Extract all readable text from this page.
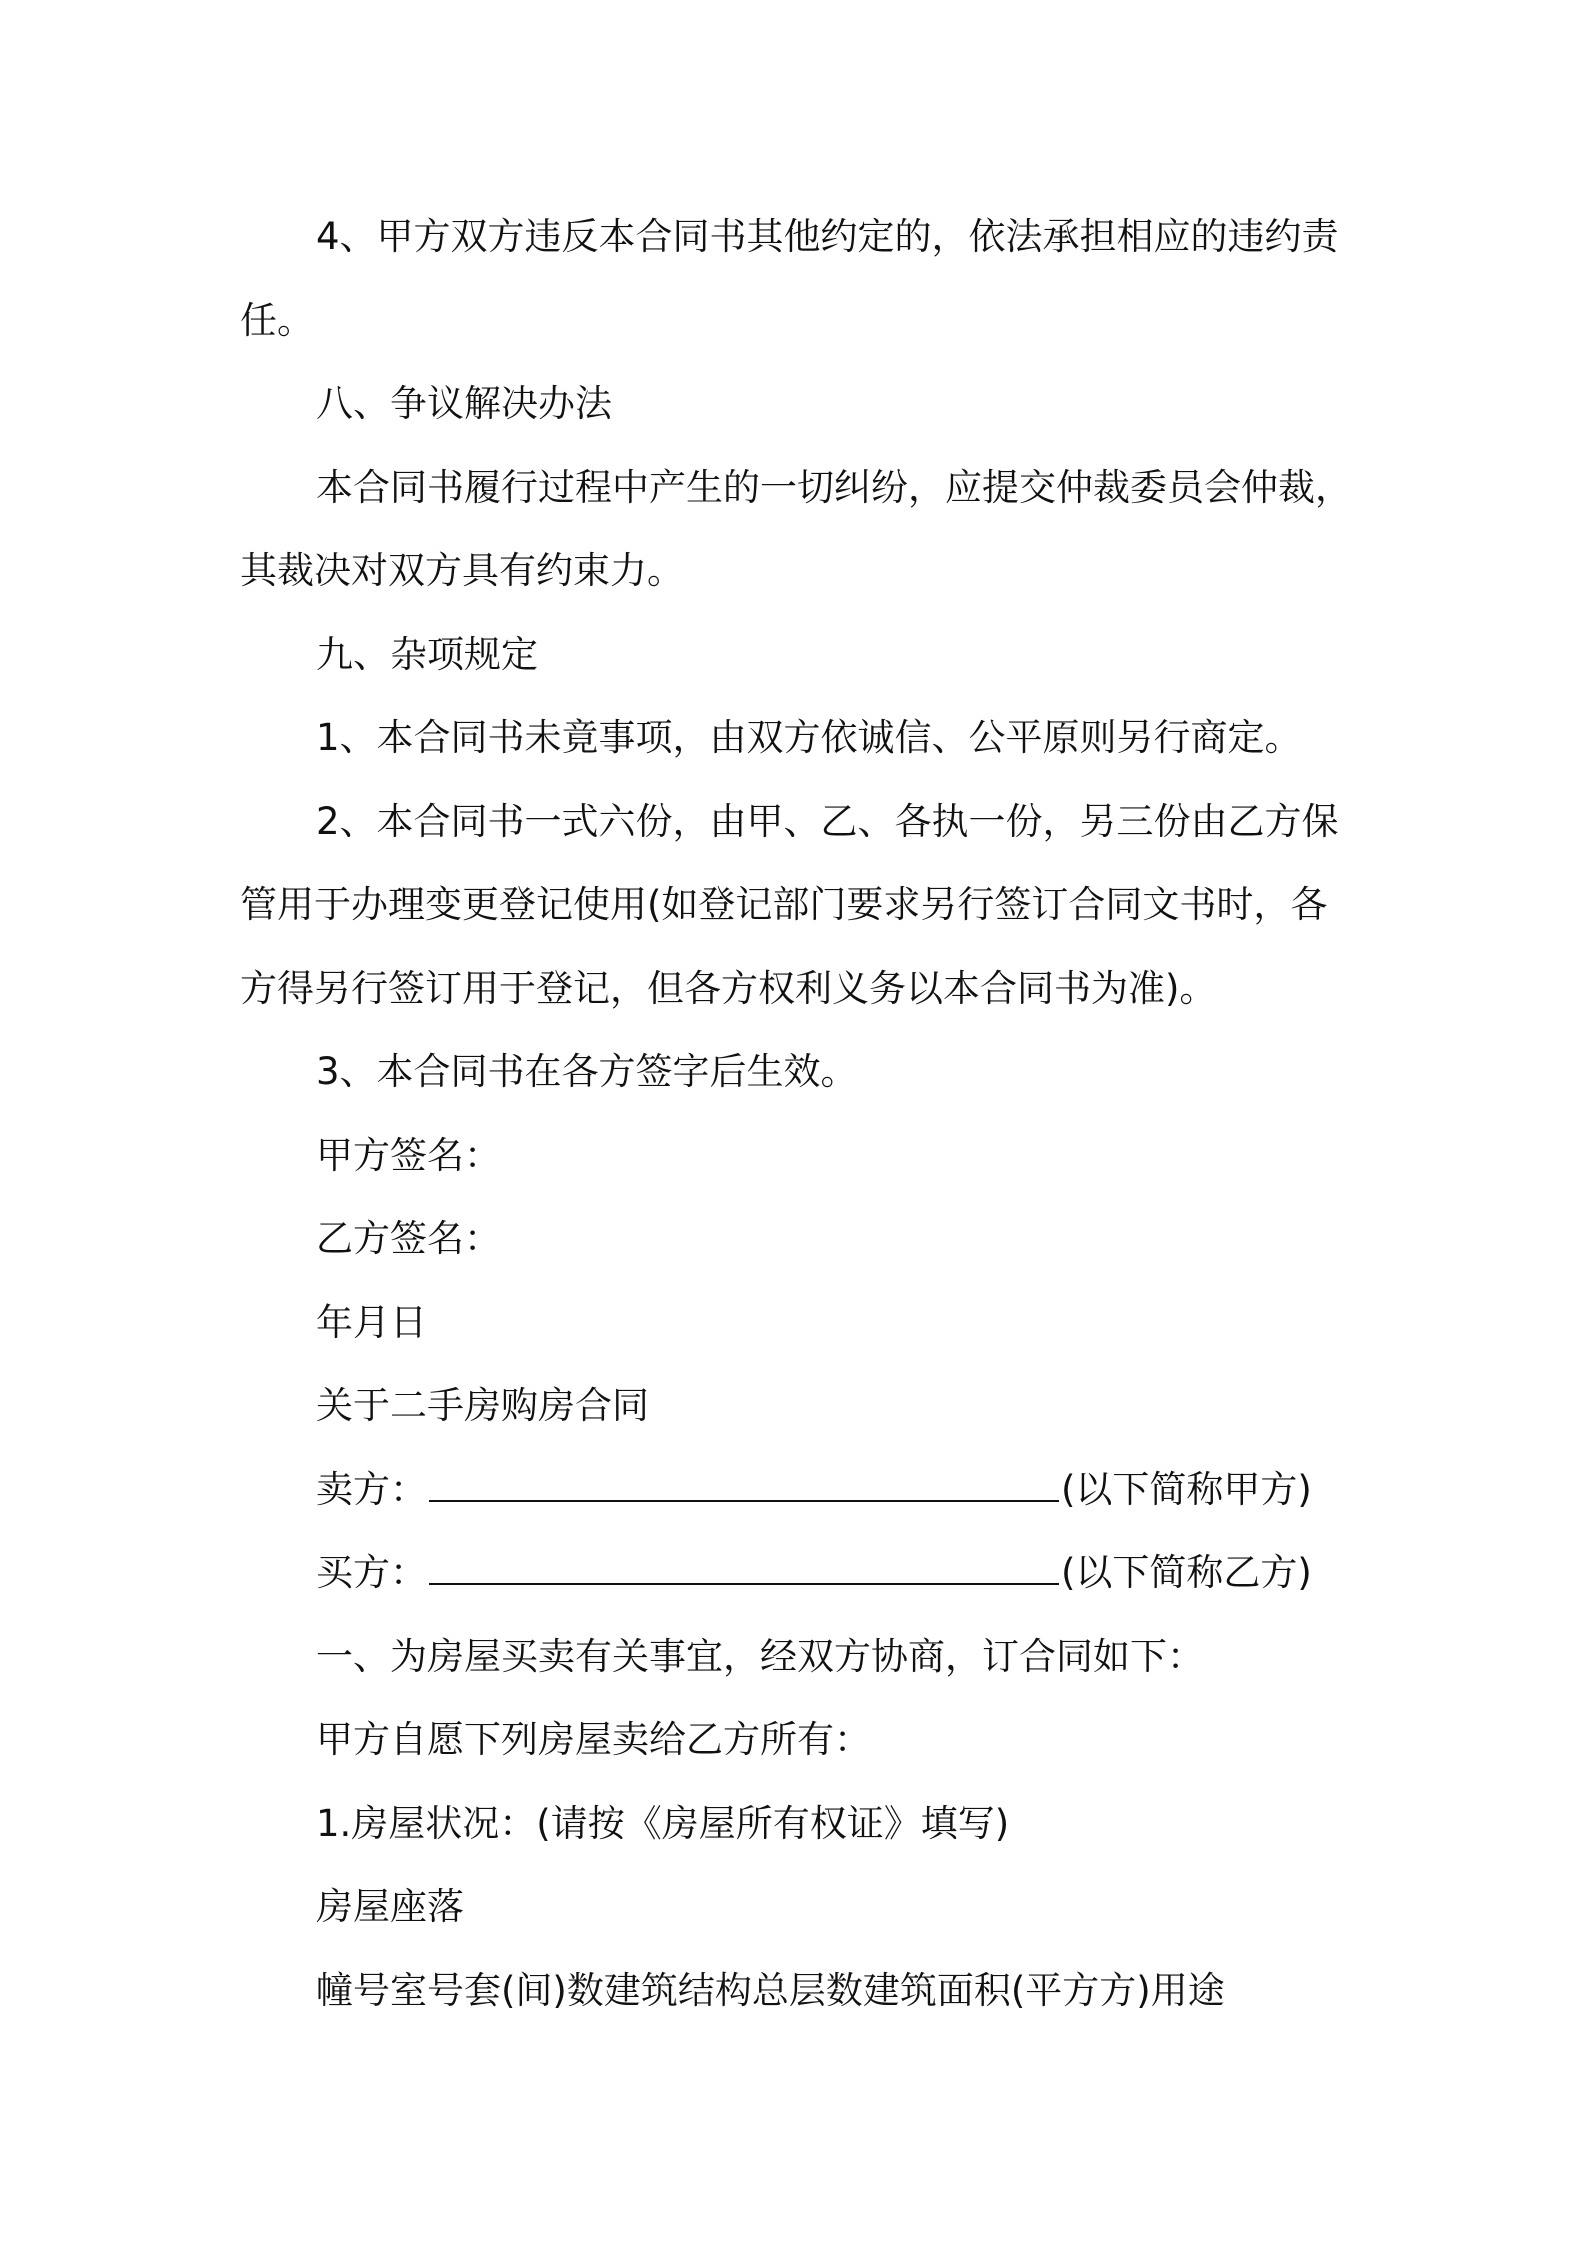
4、甲方双方违反本合同书其他约定的，依法承担相应的违约责

任。

八、争议解决办法

本合同书履行过程中产生的一切纠纷，应提交仲裁委员会仲裁，

其裁决对双方具有约束力。

九、杂项规定

1、本合同书未竟事项，由双方依诚信、公平原则另行商定。

2、本合同书一式六份，由甲、乙、各执一份，另三份由乙方保

管用于办理变更登记使用(如登记部门要求另行签订合同文书时，各

方得另行签订用于登记，但各方权利义务以本合同书为准)。

3、本合同书在各方签字后生效。

甲方签名：

乙方签名：

年月日

关于二手房购房合同

卖方：	(以下简称甲方)

买方：	(以下简称乙方)

一、为房屋买卖有关事宜，经双方协商，订合同如下：

甲方自愿下列房屋卖给乙方所有：

1.房屋状况：(请按《房屋所有权证》填写)

房屋座落

幢号室号套(间)数建筑结构总层数建筑面积(平方方)用途
